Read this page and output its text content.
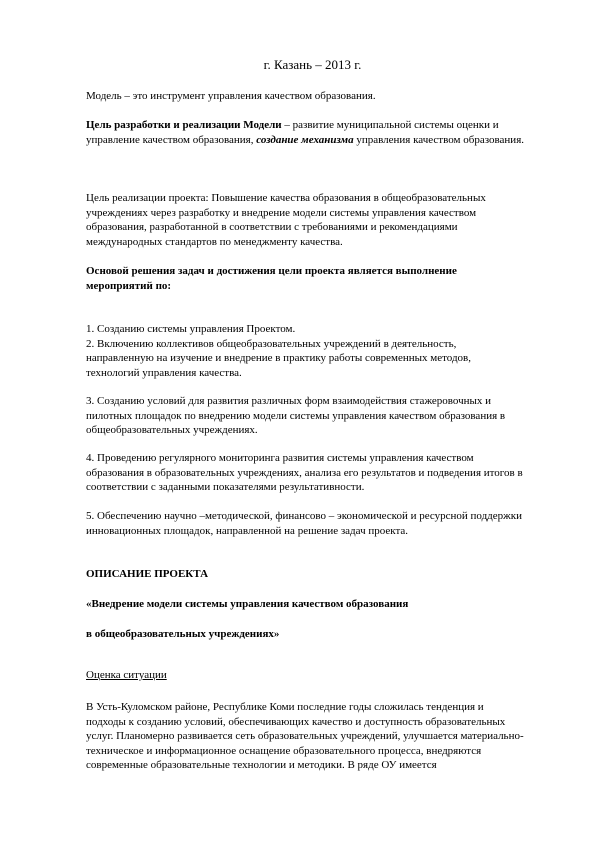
г. Казань – 2013 г.

Модель – это инструмент управления качеством образования.

Цель разработки и реализации Модели – развитие муниципальной системы оценки и управление качеством образования, создание механизма управления качеством образования.

Цель реализации проекта: Повышение качества образования в общеобразовательных учреждениях через разработку и внедрение модели системы управления качеством образования, разработанной в соответствии с требованиями и рекомендациями международных стандартов по менеджменту качества.

Основой решения задач и достижения цели проекта является выполнение мероприятий по:

1. Созданию системы управления Проектом.
2. Включению коллективов общеобразовательных учреждений в деятельность, направленную на изучение и внедрение в практику работы современных методов, технологий управления качества.

3. Созданию условий для развития различных форм взаимодействия стажеровочных и пилотных площадок по внедрению модели системы управления качеством образования в общеобразовательных учреждениях.

4. Проведению регулярного мониторинга развития системы управления качеством образования в образовательных учреждениях, анализа его результатов и подведения итогов в соответствии с заданными показателями результативности.

5. Обеспечению научно –методической, финансово – экономической и ресурсной поддержки инновационных площадок, направленной на решение задач проекта.

ОПИСАНИЕ ПРОЕКТА

«Внедрение модели системы управления качеством образования

в общеобразовательных учреждениях»

Оценка ситуации

В Усть-Куломском районе, Республике Коми последние годы сложилась тенденция и подходы к созданию условий, обеспечивающих качество и доступность образовательных услуг. Планомерно развивается сеть образовательных учреждений, улучшается материально- техническое и информационное оснащение образовательного процесса, внедряются современные образовательные технологии и методики. В ряде ОУ имеется
